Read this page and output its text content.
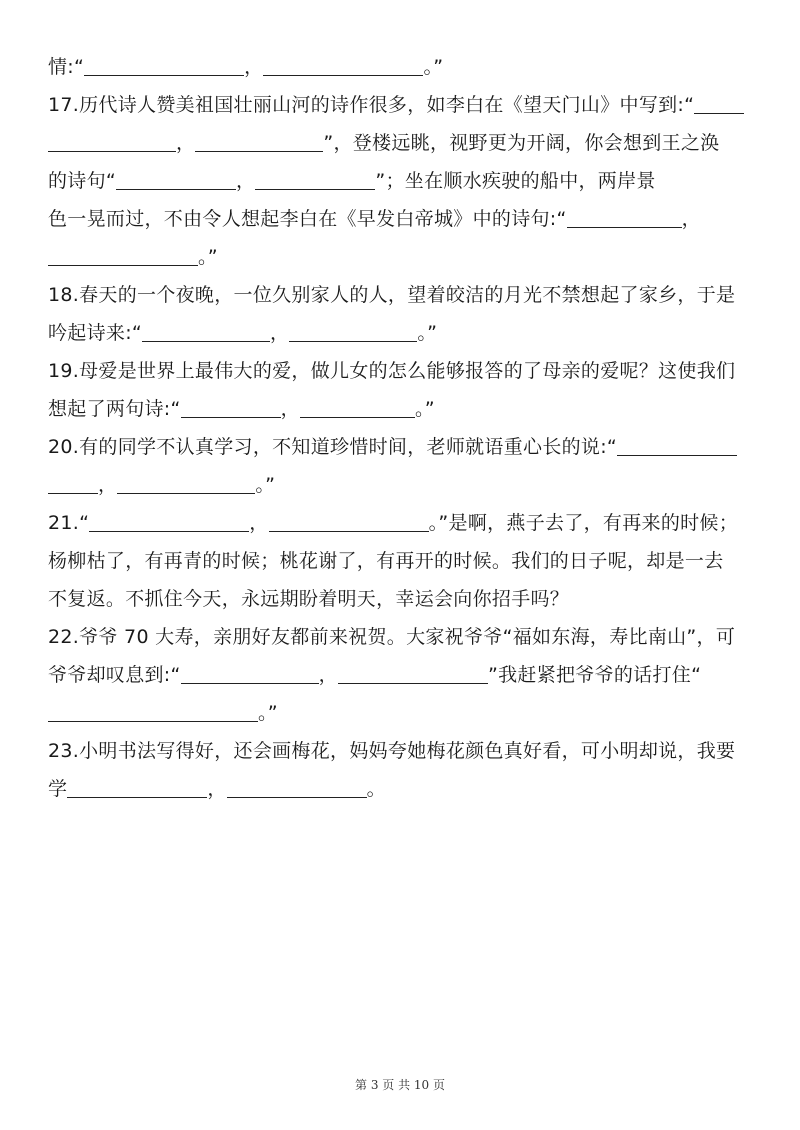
情:“	，	。”
17.历代诗人赞美祖国壮丽山河的诗作很多，如李白在《望天门山》中写到:“
，	”，登楼远眺，视野更为开阔，你会想到王之涣
的诗句“	，	”；坐在顺水疾驶的船中，两岸景
色一晃而过，不由令人想起李白在《早发白帝城》中的诗句:“	，
。”
18.春天的一个夜晚，一位久别家人的人，望着皎洁的月光不禁想起了家乡，于是
吟起诗来:“	，	。”
19.母爱是世界上最伟大的爱，做儿女的怎么能够报答的了母亲的爱呢？这使我们
想起了两句诗:“	，	。”
20.有的同学不认真学习，不知道珍惜时间，老师就语重心长的说:“
，	。”
21.“	，	。”是啊，燕子去了，有再来的时候；
杨柳枯了，有再青的时候；桃花谢了，有再开的时候。我们的日子呢，却是一去
不复返。不抓住今天，永远期盼着明天，幸运会向你招手吗？
22.爷爷 70 大寿，亲朋好友都前来祝贺。大家祝爷爷“福如东海，寿比南山”，可
爷爷却叹息到:“	，	”我赶紧把爷爷的话打住“
。”
23.小明书法写得好，还会画梅花，妈妈夸她梅花颜色真好看，可小明却说，我要
学	，	。
第 3 页 共 10 页
